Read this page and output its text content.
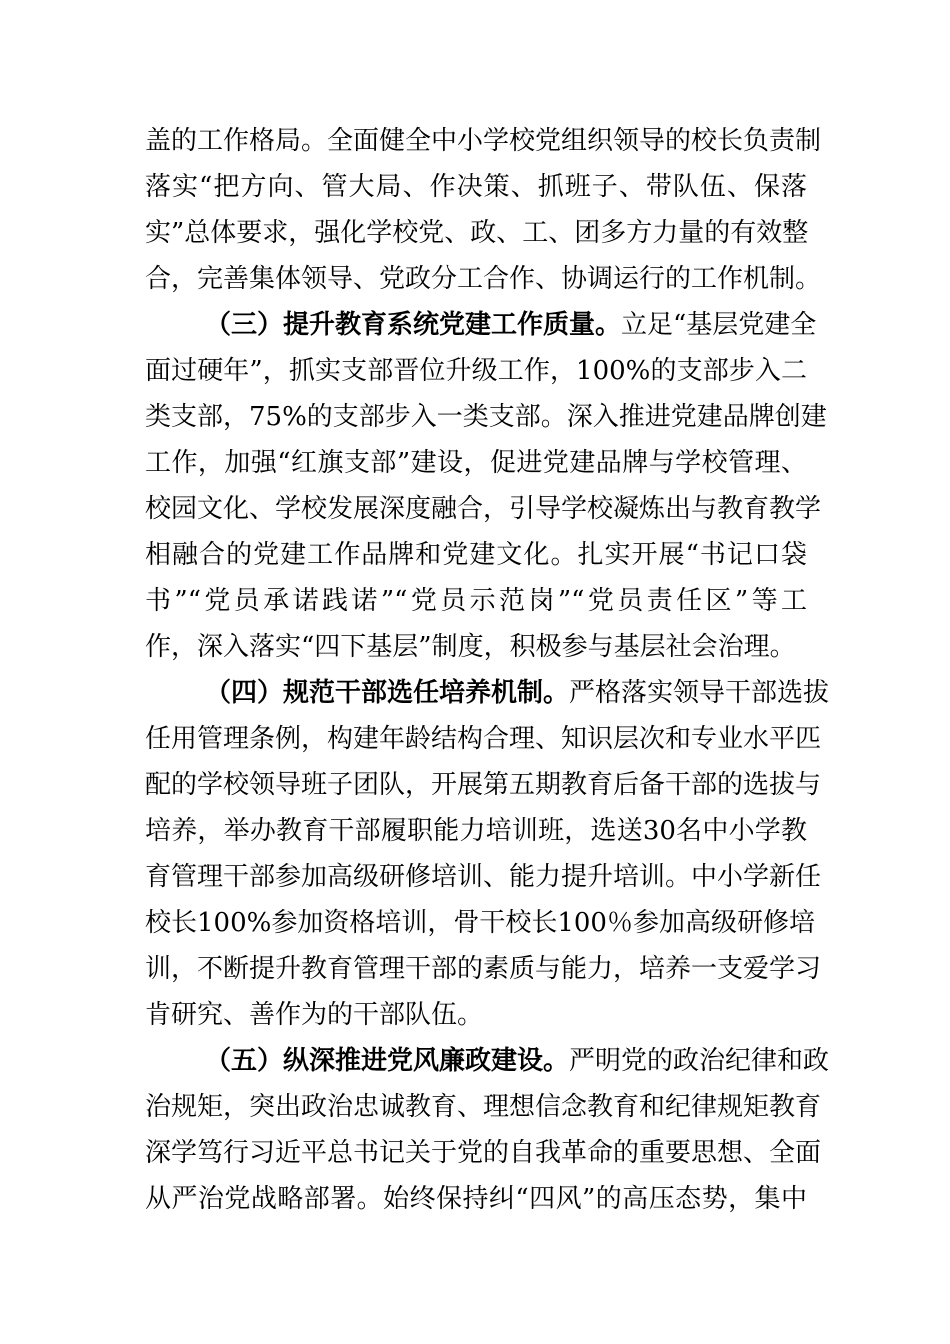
盖的工作格局。全面健全中小学校党组织领导的校长负责制
落实“把方向、管大局、作决策、抓班子、带队伍、保落
实”总体要求，强化学校党、政、工、团多方力量的有效整
合，完善集体领导、党政分工合作、协调运行的工作机制。
（三）提升教育系统党建工作质量。立足“基层党建全
面过硬年”，抓实支部晋位升级工作，100%的支部步入二
类支部，75%的支部步入一类支部。深入推进党建品牌创建
工作，加强“红旗支部”建设，促进党建品牌与学校管理、
校园文化、学校发展深度融合，引导学校凝炼出与教育教学
相融合的党建工作品牌和党建文化。扎实开展“书记口袋
书”“党员承诺践诺”“党员示范岗”“党员责任区”等工
作，深入落实“四下基层”制度，积极参与基层社会治理。
（四）规范干部选任培养机制。严格落实领导干部选拔
任用管理条例，构建年龄结构合理、知识层次和专业水平匹
配的学校领导班子团队，开展第五期教育后备干部的选拔与
培养，举办教育干部履职能力培训班，选送30名中小学教
育管理干部参加高级研修培训、能力提升培训。中小学新任
校长100%参加资格培训，骨干校长100％参加高级研修培
训，不断提升教育管理干部的素质与能力，培养一支爱学习
肯研究、善作为的干部队伍。
（五）纵深推进党风廉政建设。严明党的政治纪律和政
治规矩，突出政治忠诚教育、理想信念教育和纪律规矩教育
深学笃行习近平总书记关于党的自我革命的重要思想、全面
从严治党战略部署。始终保持纠“四风”的高压态势，集中
